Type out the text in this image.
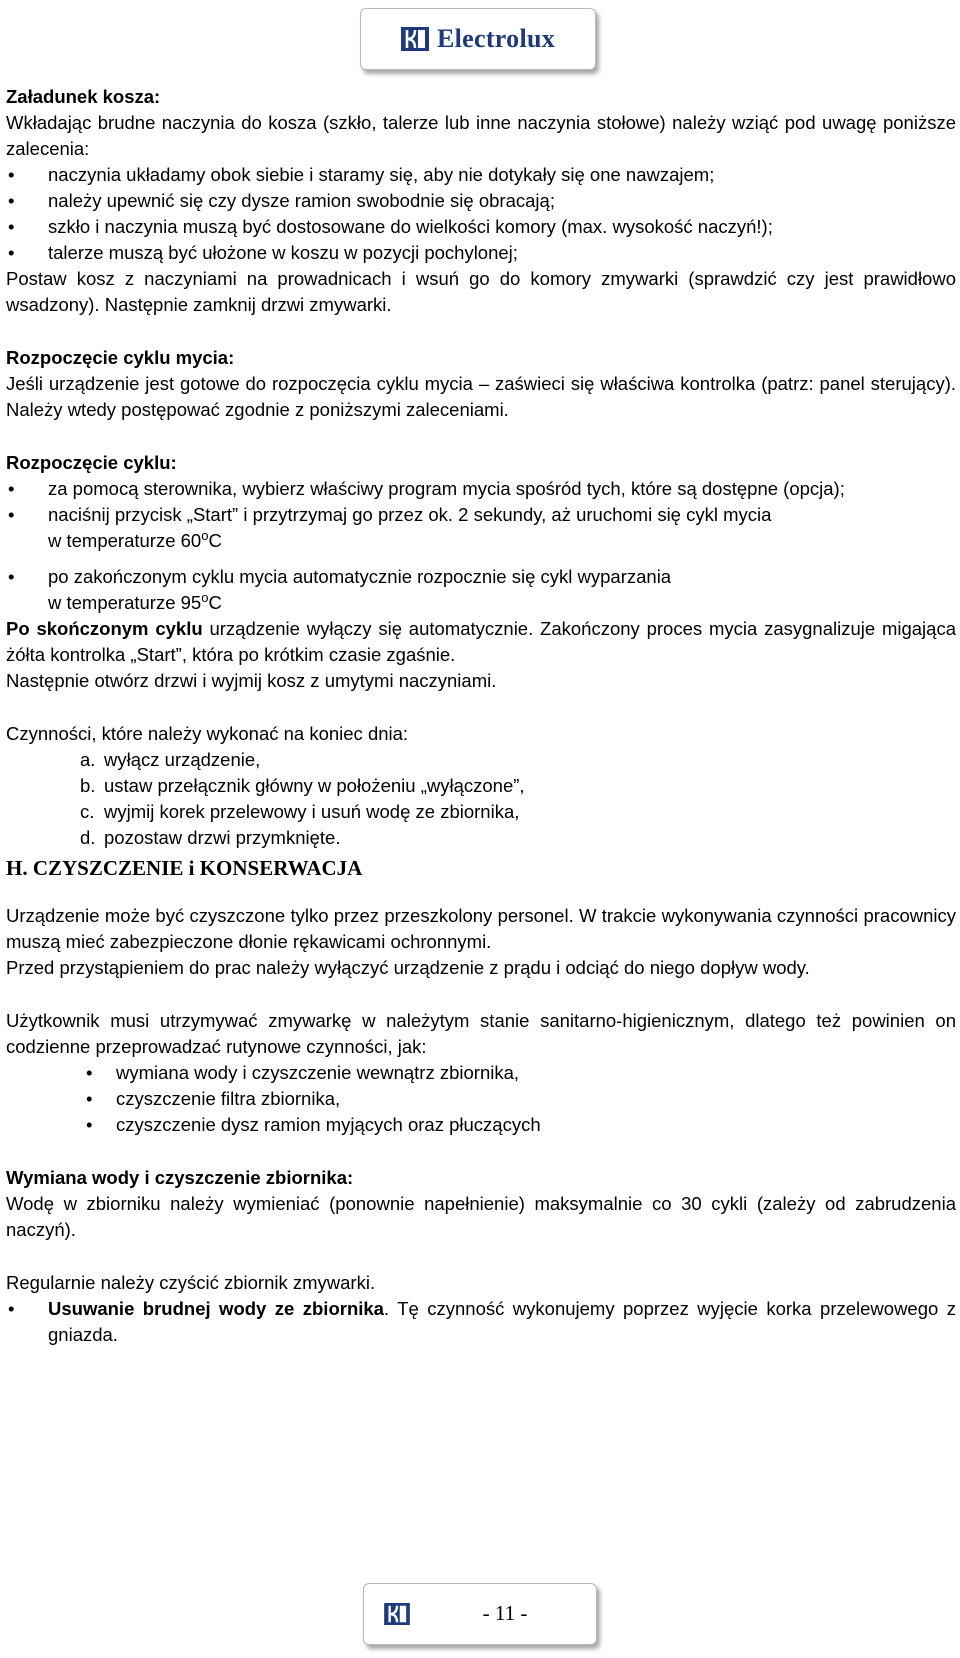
Electrolux

Załadunek kosza:

Wkładając brudne naczynia do kosza (szkło, talerze lub inne naczynia stołowe) należy wziąć pod uwagę poniższe zalecenia:

• naczynia układamy obok siebie i staramy się, aby nie dotykały się one nawzajem;
• należy upewnić się czy dysze ramion swobodnie się obracają;
• szkło i naczynia muszą być dostosowane do wielkości komory (max. wysokość naczyń!);
• talerze muszą być ułożone w koszu w pozycji pochylonej;

Postaw kosz z naczyniami na prowadnicach i wsuń go do komory zmywarki (sprawdzić czy jest prawidłowo wsadzony). Następnie zamknij drzwi zmywarki.

Rozpoczęcie cyklu mycia:

Jeśli urządzenie jest gotowe do rozpoczęcia cyklu mycia – zaświeci się właściwa kontrolka (patrz: panel sterujący). Należy wtedy postępować zgodnie z poniższymi zaleceniami.

Rozpoczęcie cyklu:

• za pomocą sterownika, wybierz właściwy program mycia spośród tych, które są dostępne (opcja);
• naciśnij przycisk „Start” i przytrzymaj go przez ok. 2 sekundy, aż uruchomi się cykl mycia
w temperaturze 60$^o$C
• po zakończonym cyklu mycia automatycznie rozpocznie się cykl wyparzania
w temperaturze 95$^o$C

Po skończonym cyklu urządzenie wyłączy się automatycznie. Zakończony proces mycia zasygnalizuje migająca żółta kontrolka „Start”, która po krótkim czasie zgaśnie.

Następnie otwórz drzwi i wyjmij kosz z umytymi naczyniami.

Czynności, które należy wykonać na koniec dnia:

a. wyłącz urządzenie,
b. ustaw przełącznik główny w położeniu „wyłączone”,
c. wyjmij korek przelewowy i usuń wodę ze zbiornika,
d. pozostaw drzwi przymknięte.

H. CZYSZCZENIE i KONSERWACJA

Urządzenie może być czyszczone tylko przez przeszkolony personel. W trakcie wykonywania czynności pracownicy muszą mieć zabezpieczone dłonie rękawicami ochronnymi.

Przed przystąpieniem do prac należy wyłączyć urządzenie z prądu i odciąć do niego dopływ wody.

Użytkownik musi utrzymywać zmywarkę w należytym stanie sanitarno-higienicznym, dlatego też powinien on codzienne przeprowadzać rutynowe czynności, jak:

• wymiana wody i czyszczenie wewnątrz zbiornika,
• czyszczenie filtra zbiornika,
• czyszczenie dysz ramion myjących oraz płuczących

Wymiana wody i czyszczenie zbiornika:

Wodę w zbiorniku należy wymieniać (ponownie napełnienie) maksymalnie co 30 cykli (zależy od zabrudzenia naczyń).

Regularnie należy czyścić zbiornik zmywarki.

• Usuwanie brudnej wody ze zbiornika. Tę czynność wykonujemy poprzez wyjęcie korka przelewowego z gniazda.
- 11 -
